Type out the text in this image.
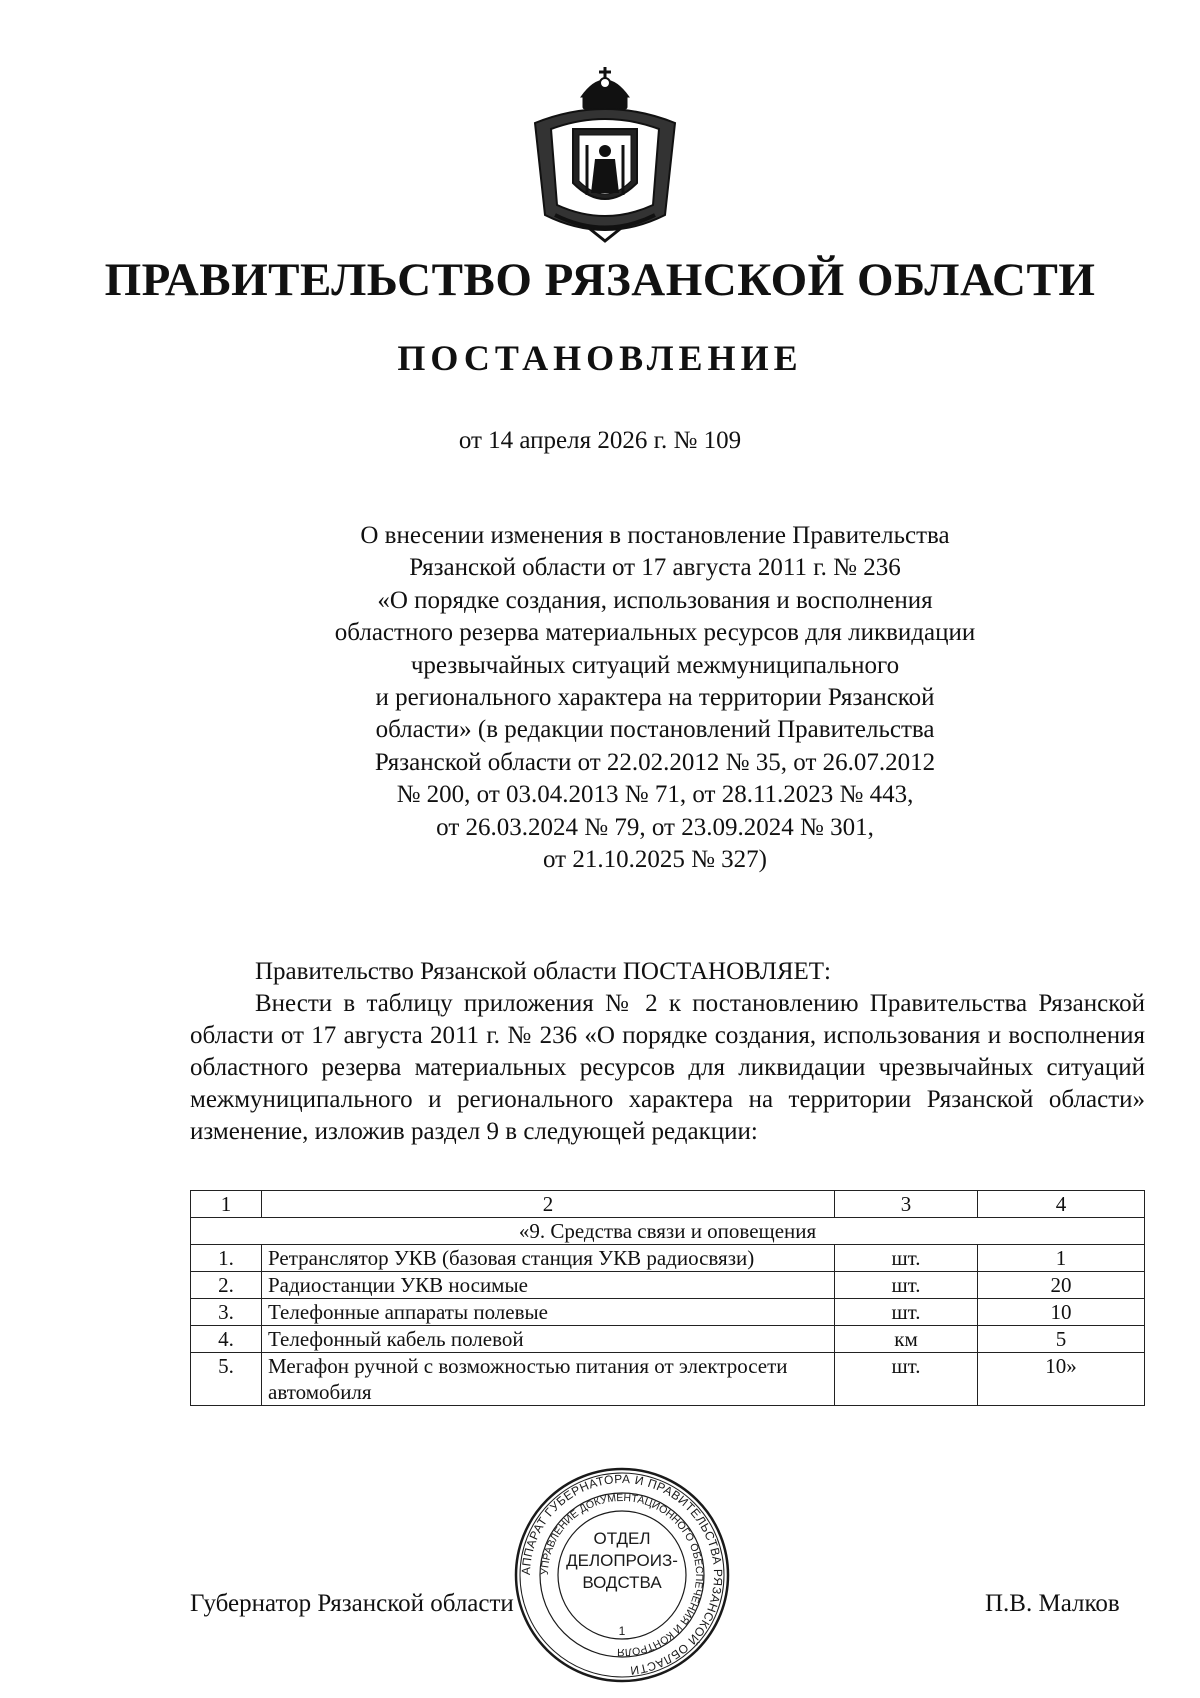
ПРАВИТЕЛЬСТВО РЯЗАНСКОЙ ОБЛАСТИ
ПОСТАНОВЛЕНИЕ
от 14 апреля 2026 г. № 109
О внесении изменения в постановление Правительства
Рязанской области от 17 августа 2011 г. № 236
«О порядке создания, использования и восполнения
областного резерва материальных ресурсов для ликвидации
чрезвычайных ситуаций межмуниципального
и регионального характера на территории Рязанской
области» (в редакции постановлений Правительства
Рязанской области от 22.02.2012 № 35, от 26.07.2012
№ 200, от 03.04.2013 № 71, от 28.11.2023 № 443,
от 26.03.2024 № 79, от 23.09.2024 № 301,
от 21.10.2025 № 327)
Правительство Рязанской области ПОСТАНОВЛЯЕТ:
Внести в таблицу приложения № 2 к постановлению Правительства Рязанской области от 17 августа 2011 г. № 236 «О порядке создания, использования и восполнения областного резерва материальных ресурсов для ликвидации чрезвычайных ситуаций межмуниципального и регионального характера на территории Рязанской области» изменение, изложив раздел 9 в следующей редакции:
1	2	3	4
«9. Средства связи и оповещения			
1.	Ретранслятор УКВ (базовая станция УКВ радиосвязи)	шт.	1
2.	Радиостанции УКВ носимые	шт.	20
3.	Телефонные аппараты полевые	шт.	10
4.	Телефонный кабель полевой	км	5
5.	Мегафон ручной с возможностью питания от электросети автомобиля	шт.	10»
Губернатор Рязанской области	П.В. Малков
АППАРАТ ГУБЕРНАТОРА И ПРАВИТЕЛЬСТВА РЯЗАНСКОЙ ОБЛАСТИ
УПРАВЛЕНИЕ ДОКУМЕНТАЦИОННОГО ОБЕСПЕЧЕНИЯ И КОНТРОЛЯ
1
ОТДЕЛ
ДЕЛОПРОИЗ-
ВОДСТВА
